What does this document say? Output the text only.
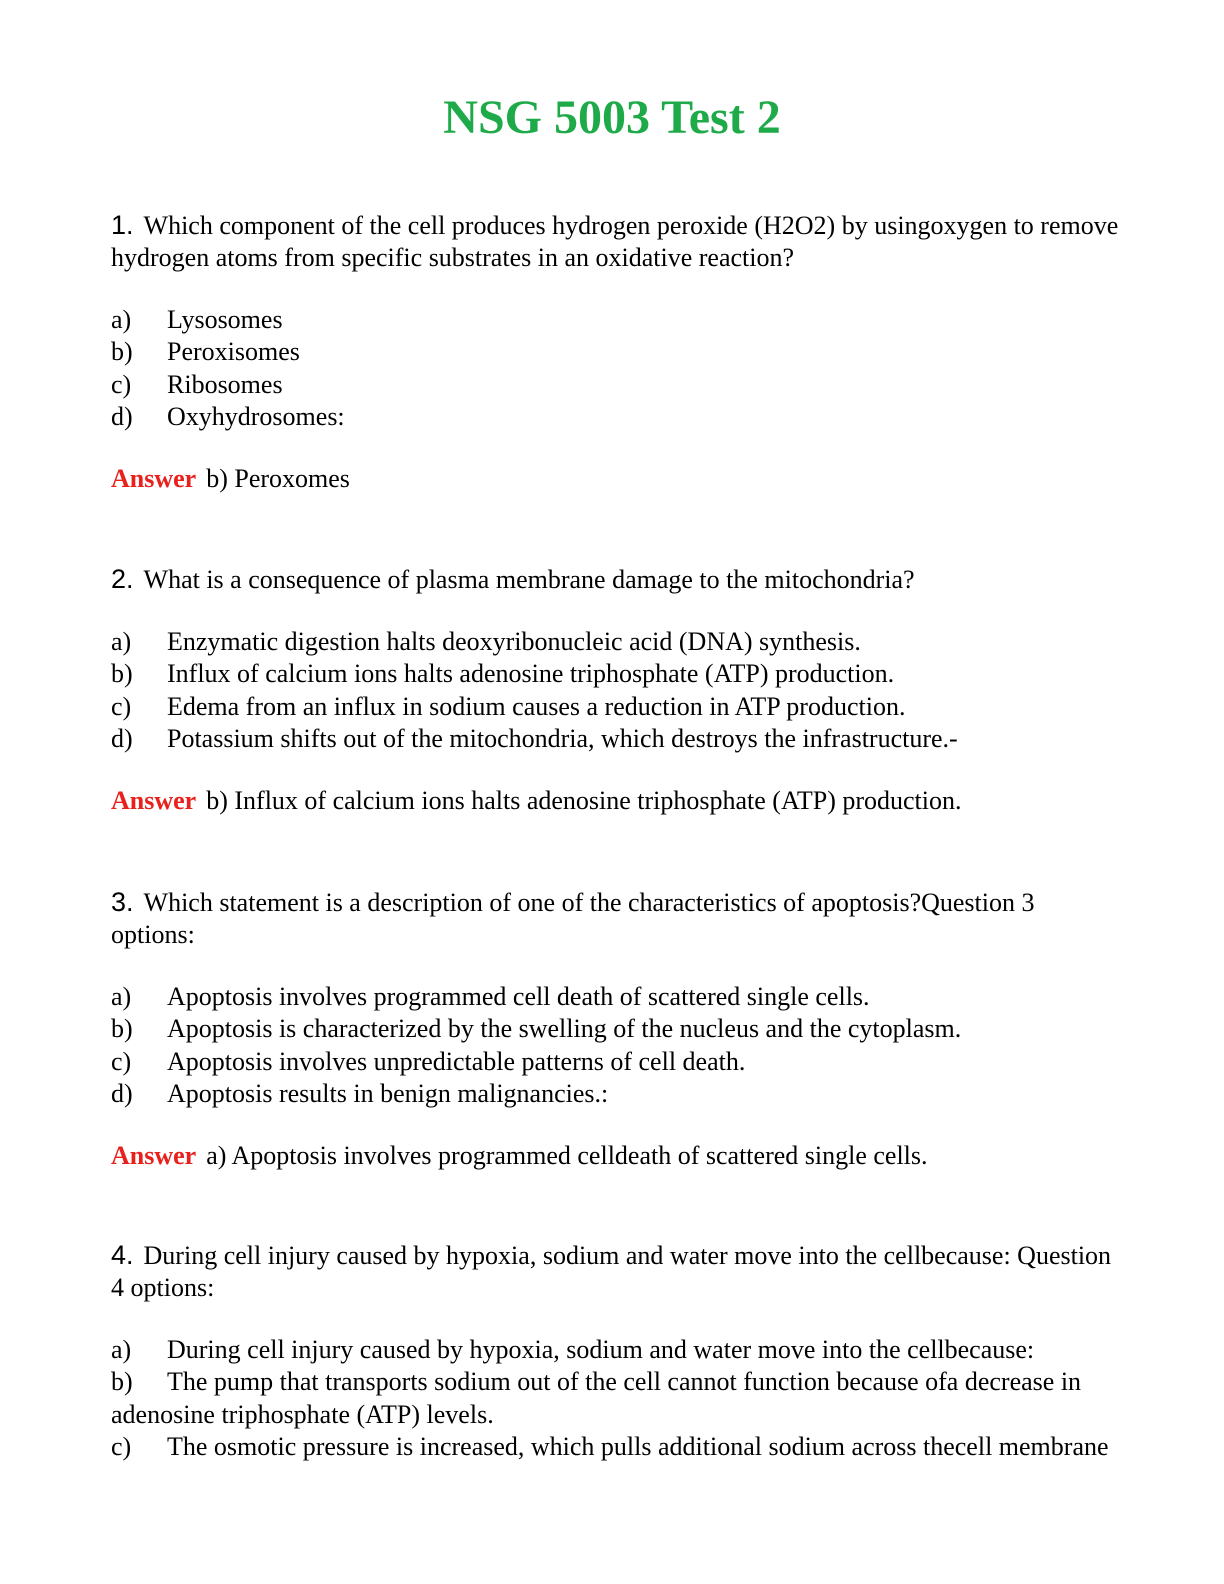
NSG 5003 Test 2

1. Which component of the cell produces hydrogen peroxide (H2O2) by usingoxygen to remove hydrogen atoms from specific substrates in an oxidative reaction?

a)	Lysosomes
b)	Peroxisomes
c)	Ribosomes
d)	Oxyhydrosomes:

Answer b) Peroxomes

2. What is a consequence of plasma membrane damage to the mitochondria?

a)	Enzymatic digestion halts deoxyribonucleic acid (DNA) synthesis.
b)	Influx of calcium ions halts adenosine triphosphate (ATP) production.
c)	Edema from an influx in sodium causes a reduction in ATP production.
d)	Potassium shifts out of the mitochondria, which destroys the infrastructure.-

Answer b) Influx of calcium ions halts adenosine triphosphate (ATP) production.

3. Which statement is a description of one of the characteristics of apoptosis?Question 3 options:

a)	Apoptosis involves programmed cell death of scattered single cells.
b)	Apoptosis is characterized by the swelling of the nucleus and the cytoplasm.
c)	Apoptosis involves unpredictable patterns of cell death.
d)	Apoptosis results in benign malignancies.:

Answer a) Apoptosis involves programmed celldeath of scattered single cells.

4. During cell injury caused by hypoxia, sodium and water move into the cellbecause: Question 4 options:

a) During cell injury caused by hypoxia, sodium and water move into the cellbecause:
b) The pump that transports sodium out of the cell cannot function because ofa decrease in adenosine triphosphate (ATP) levels.
c) The osmotic pressure is increased, which pulls additional sodium across thecell membrane
